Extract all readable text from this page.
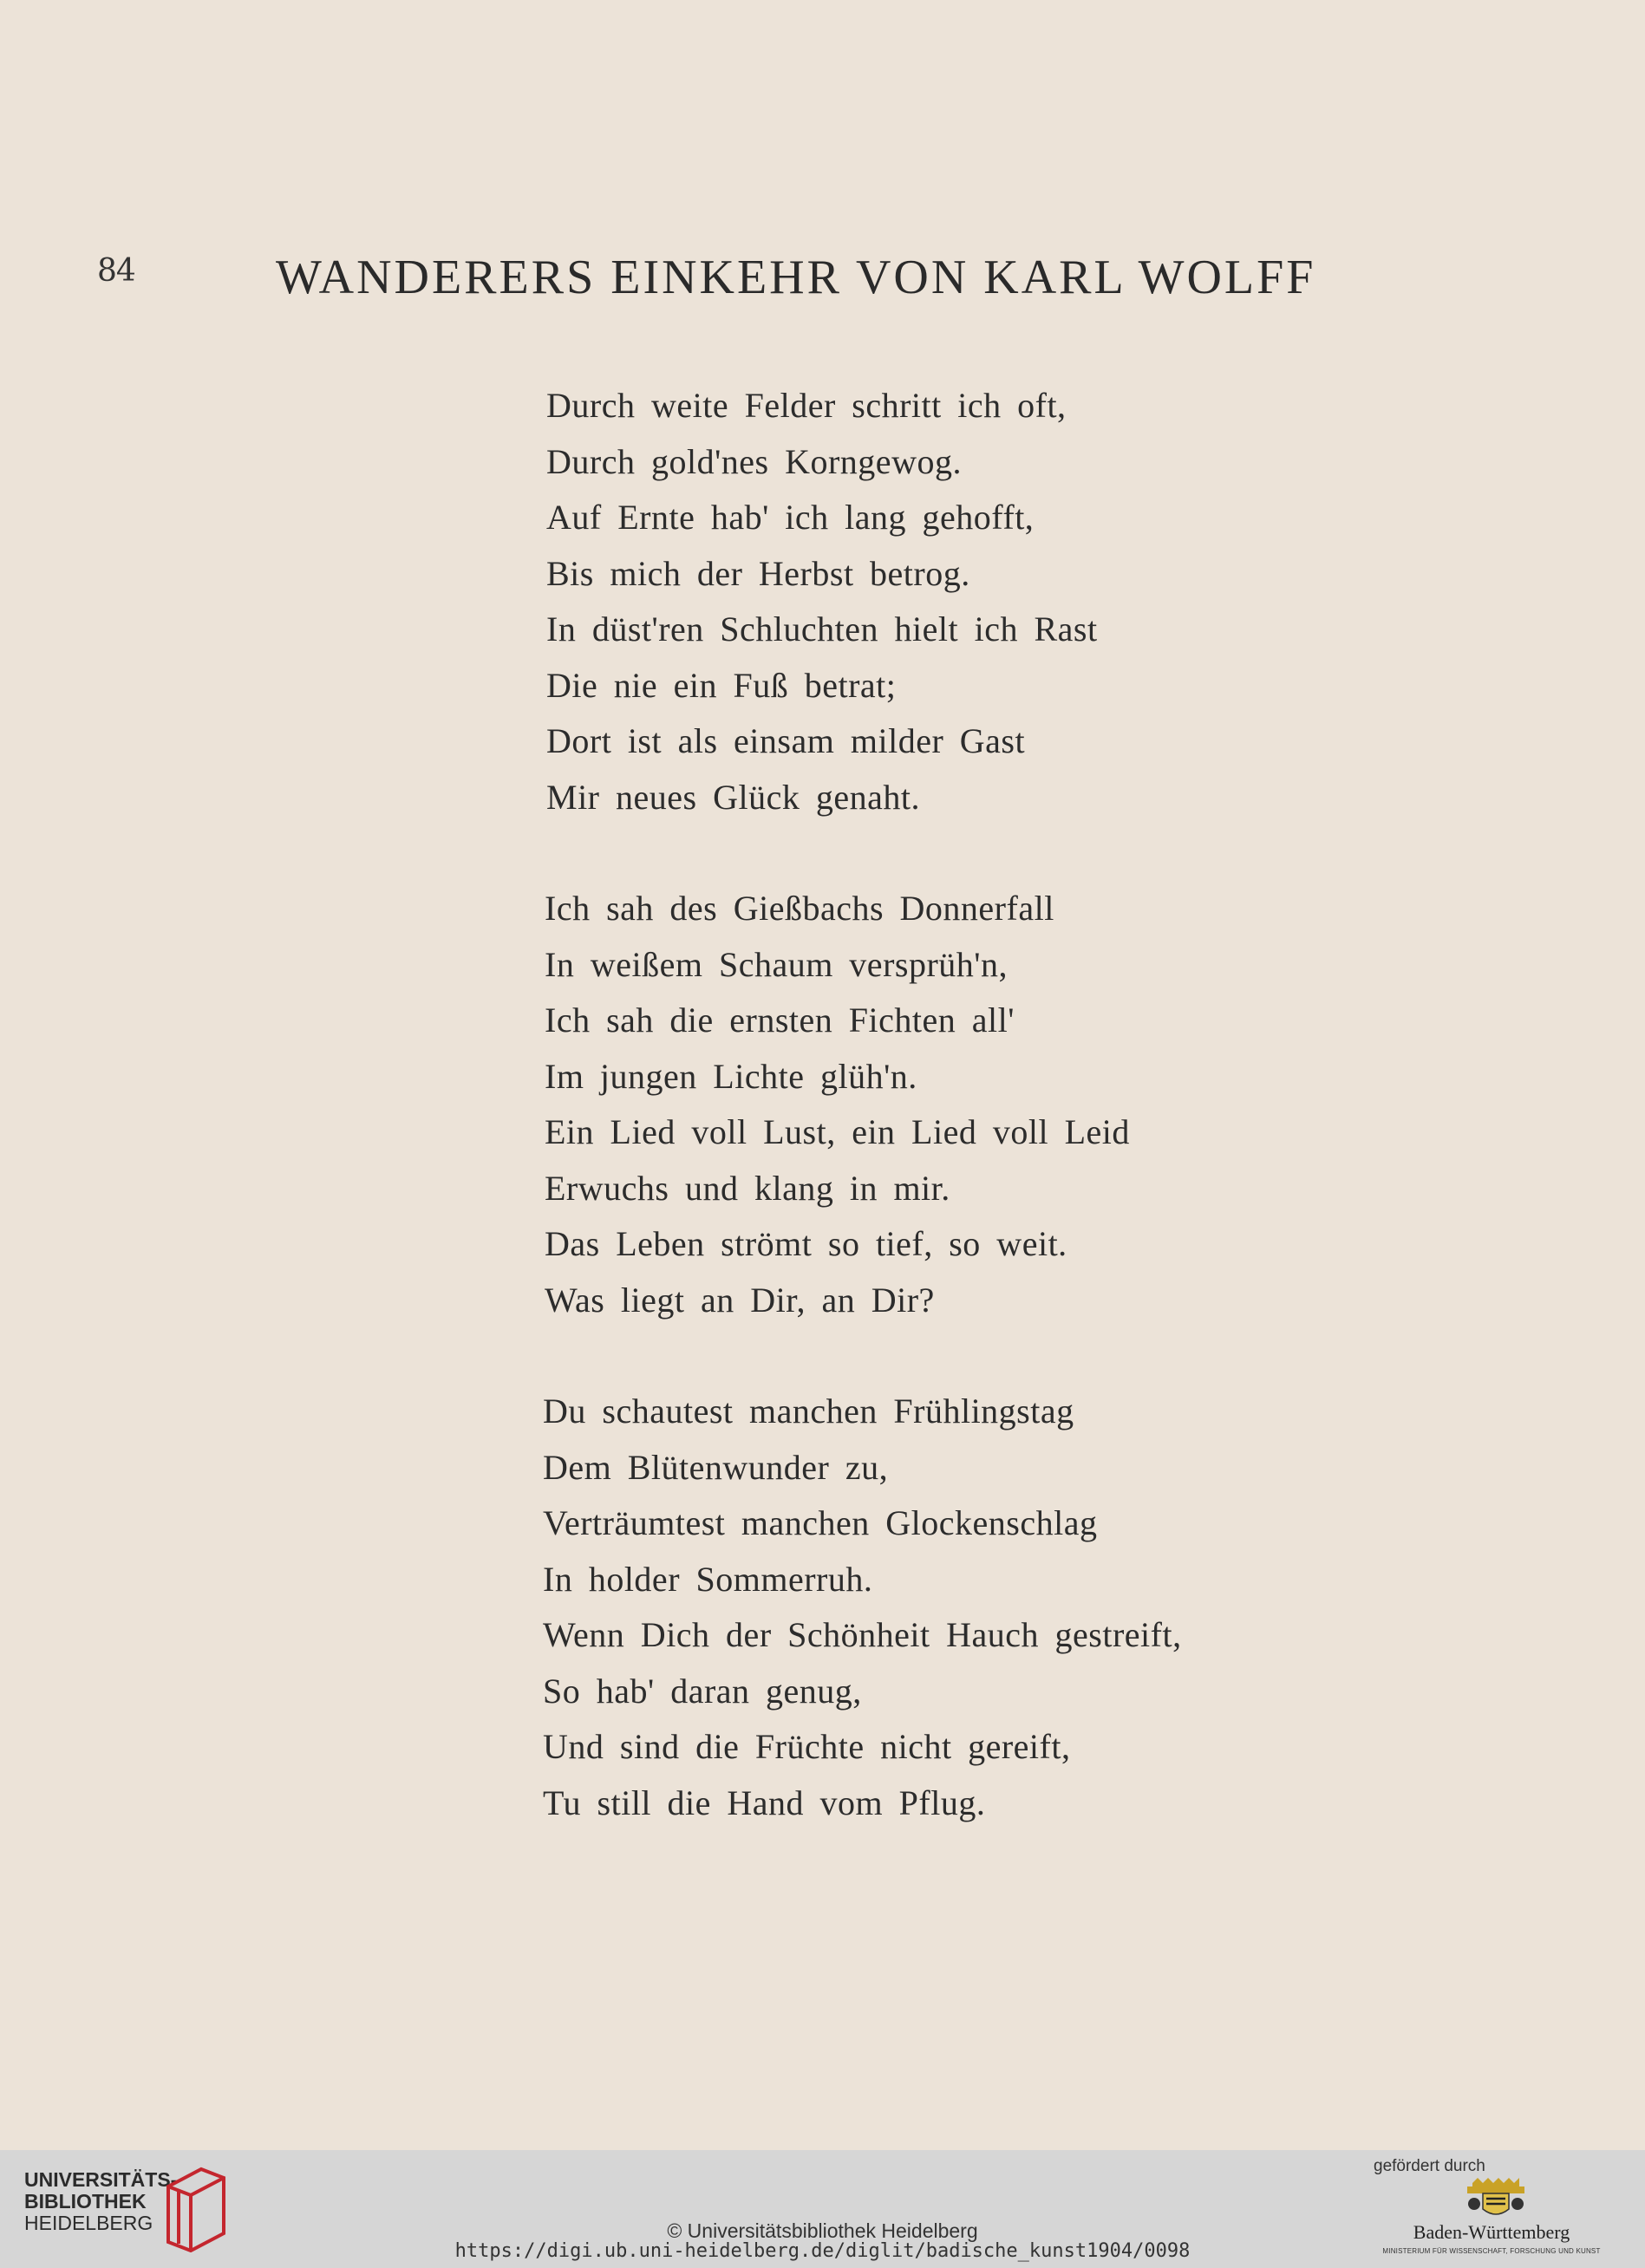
84	WANDERERS EINKEHR VON KARL WOLFF
Durch weite Felder schritt ich oft,
Durch gold'nes Korngewog.
Auf Ernte hab' ich lang gehofft,
Bis mich der Herbst betrog.
In düst'ren Schluchten hielt ich Rast
Die nie ein Fuß betrat;
Dort ist als einsam milder Gast
Mir neues Glück genaht.
Ich sah des Gießbachs Donnerfall
In weißem Schaum versprüh'n,
Ich sah die ernsten Fichten all'
Im jungen Lichte glüh'n.
Ein Lied voll Lust, ein Lied voll Leid
Erwuchs und klang in mir.
Das Leben strömt so tief, so weit.
Was liegt an Dir, an Dir?
Du schautest manchen Frühlingstag
Dem Blütenwunder zu,
Verträumtest manchen Glockenschlag
In holder Sommerruh.
Wenn Dich der Schönheit Hauch gestreift,
So hab' daran genug,
Und sind die Früchte nicht gereift,
Tu still die Hand vom Pflug.
UNIVERSITÄTS-
BIBLIOTHEK
HEIDELBERG	© Universitätsbibliothek Heidelberg
https://digi.ub.uni-heidelberg.de/diglit/badische_kunst1904/0098
gefördert durch
Baden-Württemberg
MINISTERIUM FÜR WISSENSCHAFT, FORSCHUNG UND KUNST
